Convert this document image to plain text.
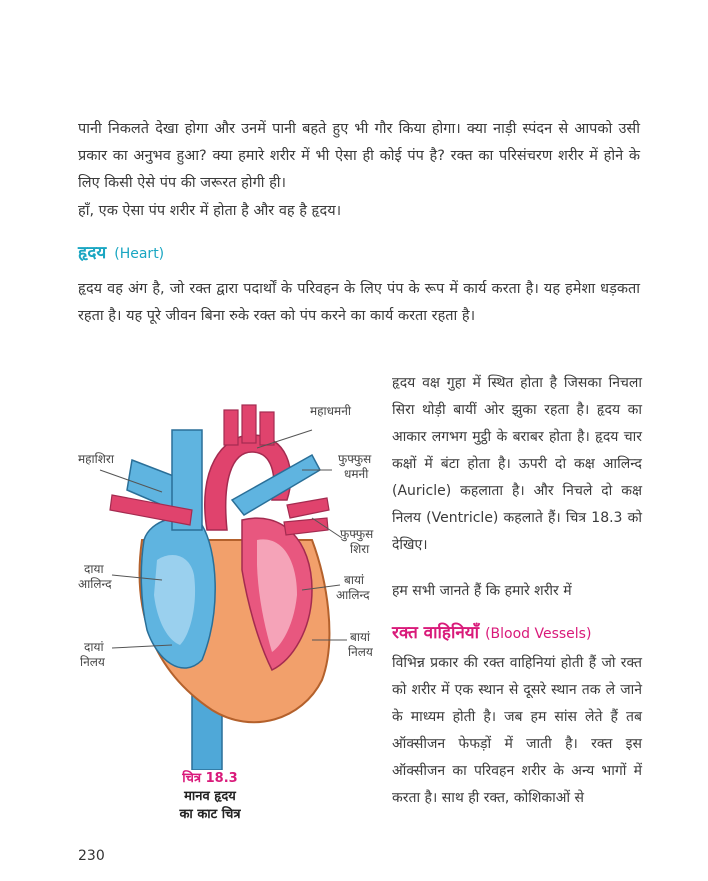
पानी निकलते देखा होगा और उनमें पानी बहते हुए भी गौर किया होगा। क्या नाड़ी स्पंदन से आपको उसी प्रकार का अनुभव हुआ? क्या हमारे शरीर में भी ऐसा ही कोई पंप है? रक्त का परिसंचरण शरीर में होने के लिए किसी ऐसे पंप की जरूरत होगी ही।
हाँ, एक ऐसा पंप शरीर में होता है और वह है हृदय।
हृदय (Heart)
हृदय वह अंग है, जो रक्त द्वारा पदार्थों के परिवहन के लिए पंप के रूप में कार्य करता है। यह हमेशा धड़कता रहता है। यह पूरे जीवन बिना रुके रक्त को पंप करने का कार्य करता रहता है।
हृदय वक्ष गुहा में स्थित होता है जिसका निचला सिरा थोड़ी बायीं ओर झुका रहता है। हृदय का आकार लगभग मुट्ठी के बराबर होता है। हृदय चार कक्षों में बंटा होता है। ऊपरी दो कक्ष आलिन्द (Auricle) कहलाता है। और निचले दो कक्ष निलय (Ventricle) कहलाते हैं। चित्र 18.3 को देखिए।
हम सभी जानते हैं कि हमारे शरीर में
रक्त वाहिनियाँ (Blood Vessels)
विभिन्न प्रकार की रक्त वाहिनियां होती हैं जो रक्त को शरीर में एक स्थान से दूसरे स्थान तक ले जाने के माध्यम होती है। जब हम सांस लेते हैं तब ऑक्सीजन फेफड़ों में जाती है। रक्त इस ऑक्सीजन का परिवहन शरीर के अन्य भागों में करता है। साथ ही रक्त, कोशिकाओं से
महाधमनी
महाशिरा	फुफ्फुस
धमनी
फुफ्फुस
शिरा
दाया
आलिन्द	बायां
आलिन्द
दायां
निलय
बायां
निलय
चित्र 18.3
मानव हृदय
का काट चित्र
230
